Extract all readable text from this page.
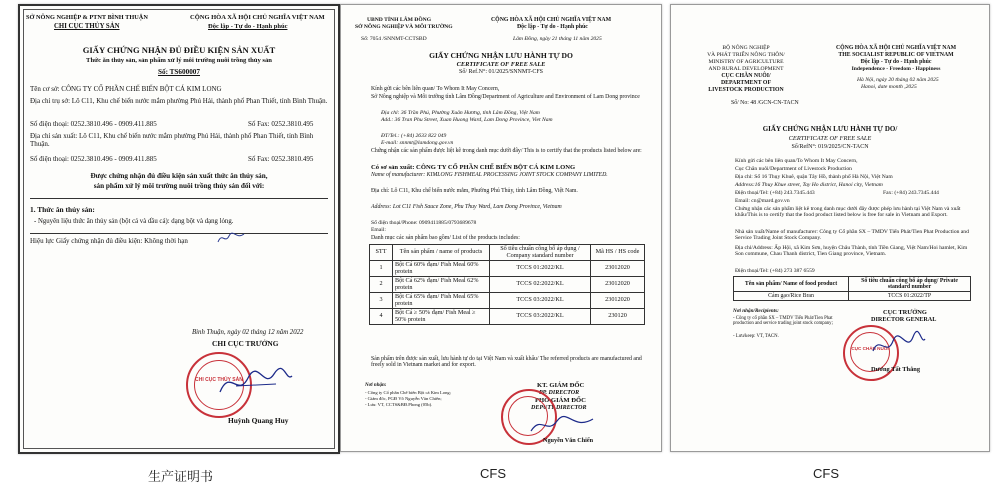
SỞ NÔNG NGHIỆP & PTNT BÌNH THUẬN
CHI CỤC THỦY SẢN
CỘNG HÒA XÃ HỘI CHỦ NGHĨA VIỆT NAM
Độc lập - Tự do - Hạnh phúc
GIẤY CHỨNG NHẬN ĐỦ ĐIỀU KIỆN SẢN XUẤT
Thức ăn thủy sản, sản phẩm xử lý môi trường nuôi trồng thủy sản
Số: TS600007
Tên cơ sở: CÔNG TY CỔ PHẦN CHẾ BIẾN BỘT CÁ KIM LONG
Địa chỉ trụ sở: Lô C11, Khu chế biến nước mắm phường Phú Hải, thành phố Phan Thiết, tỉnh Bình Thuận.
Số điện thoại: 0252.3810.496 - 0909.411.885	Số Fax: 0252.3810.495
Địa chỉ sản xuất: Lô C11, Khu chế biến nước mắm phường Phú Hải, thành phố Phan Thiết, tỉnh Bình Thuận.
Số điện thoại: 0252.3810.496 - 0909.411.885	Số Fax: 0252.3810.495
Được chứng nhận đủ điều kiện sản xuất thức ăn thủy sản,
sản phẩm xử lý môi trường nuôi trồng thủy sản đối với:
1. Thức ăn thủy sản:
- Nguyên liệu thức ăn thủy sản (bột cá và dầu cá): dạng bột và dạng lỏng.
Hiệu lực Giấy chứng nhận đủ điều kiện: Không thời hạn
Bình Thuận, ngày 02 tháng 12 năm 2022
CHI CỤC TRƯỞNG
CHI CỤC THỦY SẢN
Huỳnh Quang Huy
UBND TỈNH LÂM ĐỒNG
SỞ NÔNG NGHIỆP VÀ MÔI TRƯỜNG
CỘNG HÒA XÃ HỘI CHỦ NGHĨA VIỆT NAM
Độc lập - Tự do - Hạnh phúc
Số: 7054 /SNNMT-CCTSBD	Lâm Đồng, ngày 21 tháng 11 năm 2025
GIẤY CHỨNG NHẬN LƯU HÀNH TỰ DO
CERTIFICATE OF FREE SALE
Số/ Ref.N°: 01/2025/SNNMT-CFS
Kính gửi các bên liên quan/ To Whom It May Concern,
Sở Nông nghiệp và Môi trường tỉnh Lâm Đồng/Department of Agriculture and Environment of Lam Dong province
Địa chỉ: 36 Trần Phú, Phường Xuân Hương, tỉnh Lâm Đồng, Việt Nam
Add.: 36 Tran Phu Street, Xuan Huong Ward, Lam Dong Province, Viet Nam
ĐT/Tel.: (+84) 2633 822 049
E-mail: snnmt@lamdong.gov.vn
Chứng nhận các sản phẩm được liệt kê trong danh mục dưới đây/ This is to certify that the products listed below are:
Có sơ sản xuất: CÔNG TY CỔ PHẦN CHẾ BIẾN BỘT CÁ KIM LONG
Name of manufacturer: KIMLONG FISHMEAL PROCESSING JOINT STOCK COMPANY LIMITED.
Địa chỉ: Lô C11, Khu chế biến nước mắm, Phường Phú Thủy, tỉnh Lâm Đồng, Việt Nam.
Address: Lot C11 Fish Sauce Zone, Phu Thuy Ward, Lam Dong Province, Vietnam
Số điện thoại/Phone: 0909411885/0793689678
Email:
Danh mục các sản phẩm bao gồm/ List of the products includes:
STT	Tên sản phẩm / name of products	Số tiêu chuẩn công bố áp dụng / Company standard number	Mã HS / HS code
1	Bột Cá 60% đạm/ Fish Meal 60% protein	TCCS 01:2022/KL	23012020
2	Bột Cá 62% đạm/ Fish Meal 62% protein	TCCS 02:2022/KL	23012020
3	Bột Cá 65% đạm/ Fish Meal 65% protein	TCCS 03:2022/KL	23012020
4	Bột Cá ≥ 50% đạm/ Fish Meal ≥ 50% protein	TCCS 03:2022/KL	230120
Sản phẩm trên được sản xuất, lưu hành tự do tại Việt Nam và xuất khẩu/ The referred products are manufactured and freely sold in Vietnam market and for export.
Nơi nhận:
- Công ty Cổ phần Chế biến Bột cá Kim Long;
- Giám đốc, PGĐ Võ Nguyễn Văn Chiến;
- Lưu: VT, CCTS&BĐ.Phong (05b).
KT. GIÁM ĐỐC
PP. DIRECTOR
PHÓ GIÁM ĐỐC
DEPUTY DIRECTOR
Nguyễn Văn Chiến
BỘ NÔNG NGHIỆP
VÀ PHÁT TRIỂN NÔNG THÔN/
MINISTRY OF AGRICULTURE
AND RURAL DEVELOPMENT
CỤC CHĂN NUÔI/
DEPARTMENT OF
LIVESTOCK PRODUCTION
CỘNG HÒA XÃ HỘI CHỦ NGHĨA VIỆT NAM
THE SOCIALIST REPUBLIC OF VIETNAM
Độc lập - Tự do - Hạnh phúc
Independence - Freedom - Happiness
Hà Nội, ngày 20 tháng 02 năm 2025
Hanoi, date month ,2025
Số/ No: 48 /GCN-CN-TACN
GIẤY CHỨNG NHẬN LƯU HÀNH TỰ DO/
CERTIFICATE OF FREE SALE
Số/RefN°: 019/2025/CN-TACN
Kính gửi các bên liên quan/To Whom It May Concern,
Cục Chăn nuôi/Department of Livestock Production
Địa chỉ: Số 16 Thụy Khuê, quận Tây Hồ, thành phố Hà Nội, Việt Nam
Address:16 Thuy Khue street, Tay Ho district, Hanoi city, Vietnam
Điện thoại/Tel: (+84) 243.7345.443	Fax: (+84) 243.7345.444
Email: cn@mard.gov.vn
Chứng nhận các sản phẩm liệt kê trong danh mục dưới đây được phép lưu hành tại Việt Nam và xuất khẩu/This is to certify that the food product listed below is free for sale in Vietnam and Export.
Nhà sản xuất/Name of manufacturer: Công ty Cổ phần SX – TMDV Tiến Phát/Tien Phat Production and Service Trading Joint Stock Company.
Địa chỉ/Address: Ấp Hội, xã Kim Sơn, huyện Châu Thành, tỉnh Tiền Giang, Việt Nam/Hoi hamlet, Kim Son commune, Chau Thanh district, Tien Giang province, Vietnam.
Điện thoại/Tel: (+84) 273 387 6559
Tên sản phẩm/ Name of food product	Số tiêu chuẩn công bố áp dụng/ Private standard number
Cám gạo/Rice Bran	TCCS 01:2022/TP
Nơi nhận/Recipients:
- Công ty cổ phần SX – TMDV Tiến Phát/Tien Phat production and service trading joint stock company;
- Lưu/keep: VT, TACN.
CỤC TRƯỞNG
DIRECTOR GENERAL
CỤC CHĂN NUÔI
Dương Tất Thắng
生产证明书	CFS	CFS
